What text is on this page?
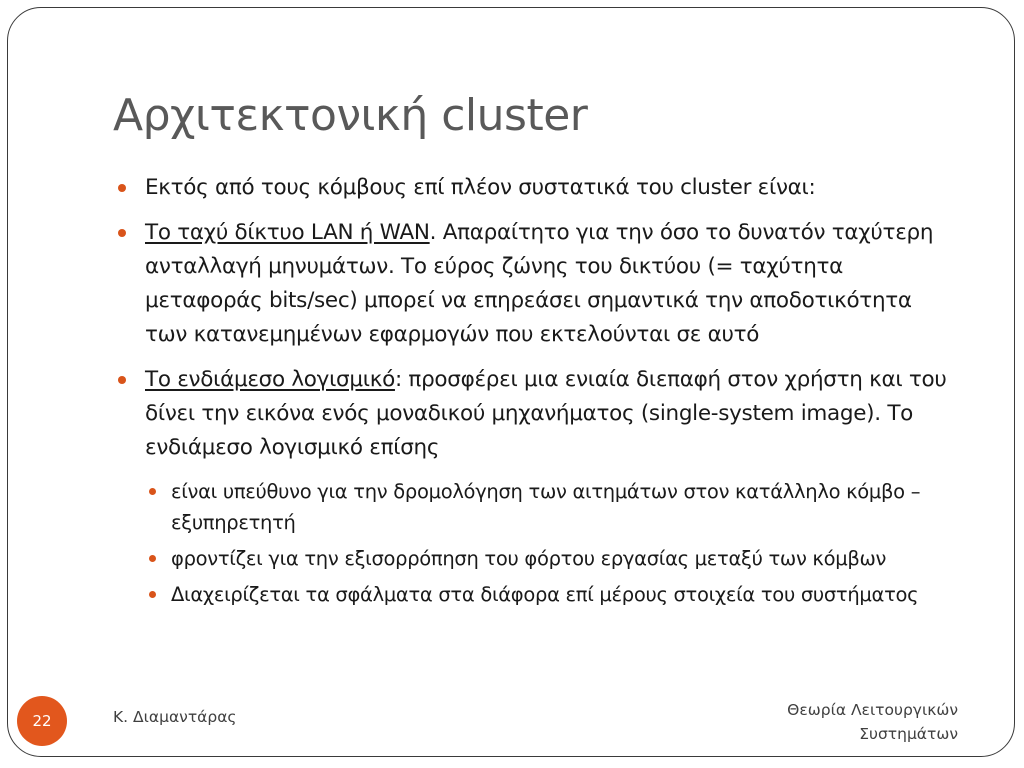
Αρχιτεκτονική cluster
Εκτός από τους κόμβους επί πλέον συστατικά του cluster είναι:
Το ταχύ δίκτυο LAN ή WAN. Απαραίτητο για την όσο το δυνατόν ταχύτερη ανταλλαγή μηνυμάτων. Το εύρος ζώνης του δικτύου (= ταχύτητα μεταφοράς bits/sec) μπορεί να επηρεάσει σημαντικά την αποδοτικότητα των κατανεμημένων εφαρμογών που εκτελούνται σε αυτό
Το ενδιάμεσο λογισμικό: προσφέρει μια ενιαία διεπαφή στον χρήστη και του δίνει την εικόνα ενός μοναδικού μηχανήματος (single-system image). Το ενδιάμεσο λογισμικό επίσης
είναι υπεύθυνο για την δρομολόγηση των αιτημάτων στον κατάλληλο κόμβο – εξυπηρετητή
φροντίζει για την εξισορρόπηση του φόρτου εργασίας μεταξύ των κόμβων
Διαχειρίζεται τα σφάλματα στα διάφορα επί μέρους στοιχεία του συστήματος
22	Κ. Διαμαντάρας	Θεωρία Λειτουργικών
Συστημάτων
